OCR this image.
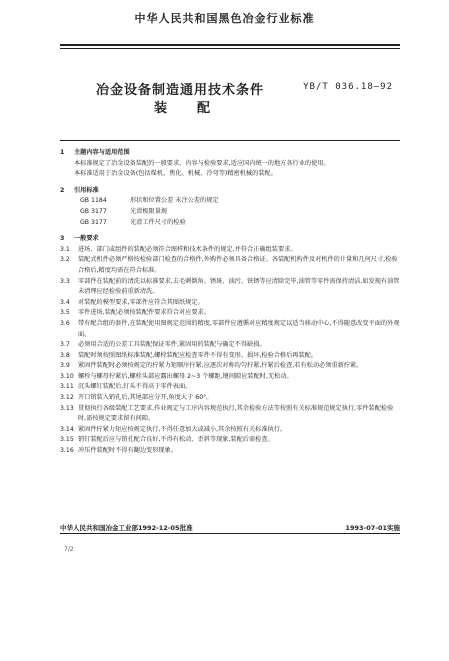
中华人民共和国黑色冶金行业标准
冶金设备制造通用技术条件	YB/T 036.18—92
装配
1	主题内容与适用范围
本标准规定了冶金设备装配的一般要求、内容与检验要求,适应国内统一的地方各行业的使用。
本标准适用于冶金设备(包括煤机、焦化、机械、冷弯等)精密机械的装配。
2	引用标准
GB 1184	形状和位置公差 未注公差的规定
GB 3177	光滑极限量规
GB 3177	光滑工件尺寸的检验
3	一般要求
3.1	进场、部门或组件的装配必须符合图样和技术条件的规定,并符合正确组装要求。
3.2	装配式机件必须严格按检验部门检查的合格件,外购件必须具备合格证。各装配机构件及对机件的计量和几何尺寸,检验合格后,精度均需在符合标准。
3.3	零部件在装配前的清洗以标准要求,去毛刺倒角、锈斑、油污、铁锈等应清除完毕,油管等零件需保持清洁,如发现有油管未清理应经检验前重新清洗。
3.4	对装配的模型要求,零部件应符合其图纸规定。
3.5	零件进场,装配必须按装配件要求符合对应要求。
3.6	带有配合组的套件,在装配使用图规定范围的精度,零部件应遵循对应精度规定以适当移动中心,不得随意改变平面的外观面。
3.7	必须用合适的公差工具装配保证零件,紧固用的装配与确定不得缺损。
3.8	装配时须按照图纸标准装配,螺栓装配应检查零件不得有变形、损坏,检验合格后再装配。
3.9	紧固件装配时必须按规定的拧紧力矩顺序拧紧,应逐次对称均匀拧紧,拧紧后检查,若有松动必须重新拧紧。
3.10 螺栓与螺母拧紧后,螺栓头部应露出螺母 2~3 个螺距,键间隙应装配时,无松动。
3.11 沉头螺钉装配后,钉头不得高于零件表面。
3.12 开口销装入销孔后,其尾部应分开,角度大于 60°。
3.13 贯彻执行各级装配工艺要求,作业规定与工序内容规范执行,其余检验方法等按照有关标准规范规定执行,零件装配检验时,需按规定要求留有间隙。
3.14 紧固件拧紧力矩应按规定执行,不得任意加大或减小,其余按照有关标准执行。
3.15 销钉装配后应与销孔配合良好,不得有松动、歪斜等现象,装配后需检查。
3.16 冲压件装配时不得有翻边变形现象。
中华人民共和国冶金工业部1992-12-05批准	1993-07-01实施
7/2
